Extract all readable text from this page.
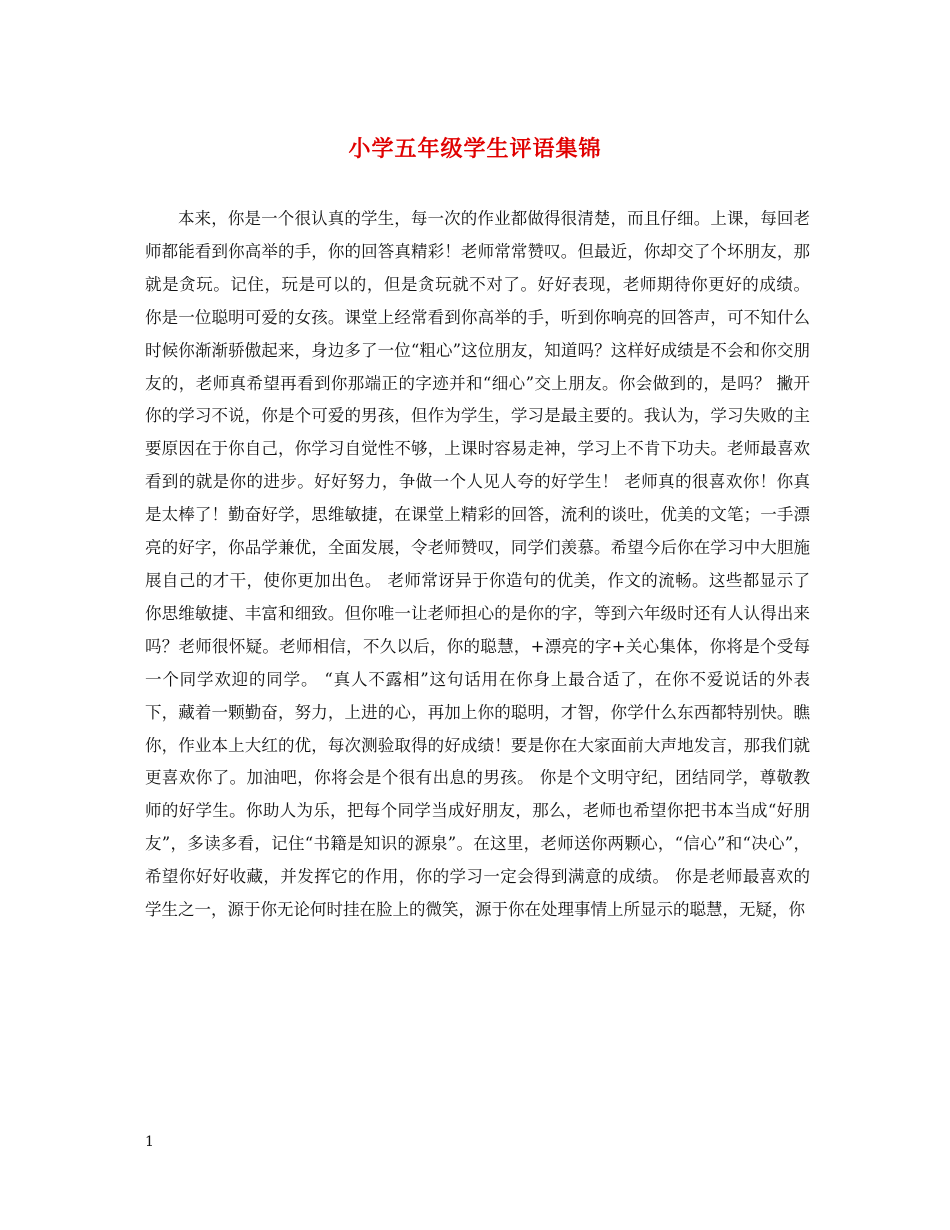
小学五年级学生评语集锦

本来，你是一个很认真的学生，每一次的作业都做得很清楚，而且仔细。上课，每回老师都能看到你高举的手，你的回答真精彩！老师常常赞叹。但最近，你却交了个坏朋友，那就是贪玩。记住，玩是可以的，但是贪玩就不对了。好好表现，老师期待你更好的成绩。 你是一位聪明可爱的女孩。课堂上经常看到你高举的手，听到你响亮的回答声，可不知什么时候你渐渐骄傲起来，身边多了一位“粗心”这位朋友，知道吗？这样好成绩是不会和你交朋友的，老师真希望再看到你那端正的字迹并和“细心”交上朋友。你会做到的，是吗？ 撇开你的学习不说，你是个可爱的男孩，但作为学生，学习是最主要的。我认为，学习失败的主要原因在于你自己，你学习自觉性不够，上课时容易走神，学习上不肯下功夫。老师最喜欢看到的就是你的进步。好好努力，争做一个人见人夸的好学生！ 老师真的很喜欢你！你真是太棒了！勤奋好学，思维敏捷，在课堂上精彩的回答，流利的谈吐，优美的文笔；一手漂亮的好字，你品学兼优，全面发展，令老师赞叹，同学们羡慕。希望今后你在学习中大胆施展自己的才干，使你更加出色。 老师常讶异于你造句的优美，作文的流畅。这些都显示了你思维敏捷、丰富和细致。但你唯一让老师担心的是你的字，等到六年级时还有人认得出来吗？老师很怀疑。老师相信，不久以后，你的聪慧，+漂亮的字+关心集体，你将是个受每一个同学欢迎的同学。 “真人不露相”这句话用在你身上最合适了，在你不爱说话的外表下，藏着一颗勤奋，努力，上进的心，再加上你的聪明，才智，你学什么东西都特别快。瞧你，作业本上大红的优，每次测验取得的好成绩！要是你在大家面前大声地发言，那我们就更喜欢你了。加油吧，你将会是个很有出息的男孩。 你是个文明守纪，团结同学，尊敬教师的好学生。你助人为乐，把每个同学当成好朋友，那么，老师也希望你把书本当成“好朋友”，多读多看，记住“书籍是知识的源泉”。在这里，老师送你两颗心，“信心”和“决心”，希望你好好收藏，并发挥它的作用，你的学习一定会得到满意的成绩。 你是老师最喜欢的学生之一，源于你无论何时挂在脸上的微笑，源于你在处理事情上所显示的聪慧，无疑，你

1
